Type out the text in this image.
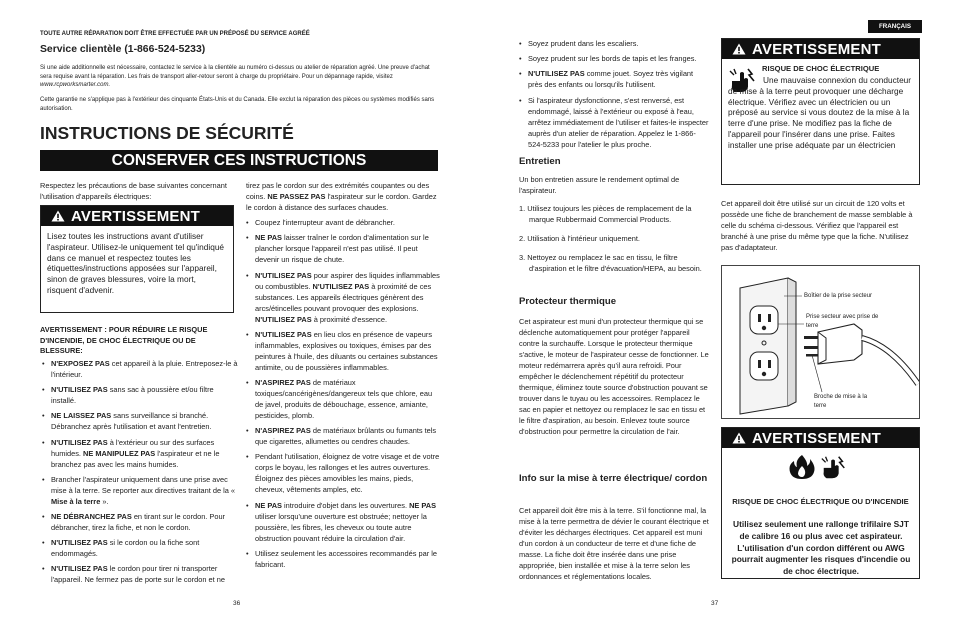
TOUTE AUTRE RÉPARATION DOIT ÊTRE EFFECTUÉE PAR UN PRÉPOSÉ DU SERVICE AGRÉÉ
Service clientèle (1-866-524-5233)
Si une aide additionnelle est nécessaire, contactez le service à la clientèle au numéro ci-dessus ou atelier de réparation agréé. Une preuve d'achat sera requise avant la réparation. Les frais de transport aller-retour seront à charge du propriétaire. Pour un dépannage rapide, visitez www.rcpworksmarter.com.
Cette garantie ne s'applique pas à l'extérieur des cinquante États-Unis et du Canada. Elle exclut la réparation des pièces ou systèmes modifiés sans autorisation.
INSTRUCTIONS DE SÉCURITÉ
CONSERVER CES INSTRUCTIONS
Respectez les précautions de base suivantes concernant l'utilisation d'appareils électriques:
AVERTISSEMENT
Lisez toutes les instructions avant d'utiliser l'aspirateur. Utilisez-le uniquement tel qu'indiqué dans ce manuel et respectez toutes les étiquettes/instructions apposées sur l'appareil, sinon de graves blessures, voire la mort, risquent d'advenir.
AVERTISSEMENT : POUR RÉDUIRE LE RISQUE D'INCENDIE, DE CHOC ÉLECTRIQUE OU DE BLESSURE:
• N'EXPOSEZ PAS cet appareil à la pluie. Entreposez-le à l'intérieur.
• N'UTILISEZ PAS sans sac à poussière et/ou filtre installé.
• NE LAISSEZ PAS sans surveillance si branché. Débranchez après l'utilisation et avant l'entretien.
• N'UTILISEZ PAS à l'extérieur ou sur des surfaces humides. NE MANIPULEZ PAS l'aspirateur et ne le branchez pas avec les mains humides.
• Brancher l'aspirateur uniquement dans une prise avec mise à la terre. Se reporter aux directives traitant de la « Mise à la terre ».
• NE DÉBRANCHEZ PAS en tirant sur le cordon. Pour débrancher, tirez la fiche, et non le cordon.
• N'UTILISEZ PAS si le cordon ou la fiche sont endommagés.
• N'UTILISEZ PAS le cordon pour tirer ni transporter l'appareil. Ne fermez pas de porte sur le cordon et ne
tirez pas le cordon sur des extrémités coupantes ou des coins. NE PASSEZ PAS l'aspirateur sur le cordon. Gardez le cordon à distance des surfaces chaudes.
• Coupez l'interrupteur avant de débrancher.
• NE PAS laisser traîner le cordon d'alimentation sur le plancher lorsque l'appareil n'est pas utilisé. Il peut devenir un risque de chute.
• N'UTILISEZ PAS pour aspirer des liquides inflammables ou combustibles. N'UTILISEZ PAS à proximité de ces substances. Les appareils électriques génèrent des arcs/étincelles pouvant provoquer des explosions. N'UTILISEZ PAS à proximité d'essence.
• N'UTILISEZ PAS en lieu clos en présence de vapeurs inflammables, explosives ou toxiques, émises par des peintures à l'huile, des diluants ou certaines substances antimite, ou de poussières inflammables.
• N'ASPIREZ PAS de matériaux toxiques/cancérigènes/dangereux tels que chlore, eau de javel, produits de débouchage, essence, amiante, pesticides, plomb.
• N'ASPIREZ PAS de matériaux brûlants ou fumants tels que cigarettes, allumettes ou cendres chaudes.
• Pendant l'utilisation, éloignez de votre visage et de votre corps le boyau, les rallonges et les autres ouvertures. Éloignez des pièces amovibles les mains, pieds, cheveux, vêtements amples, etc.
• NE PAS introduire d'objet dans les ouvertures. NE PAS utiliser lorsqu'une ouverture est obstruée; nettoyer la poussière, les fibres, les cheveux ou toute autre obstruction pouvant réduire la circulation d'air.
• Utilisez seulement les accessoires recommandés par le fabricant.
36
FRANÇAIS
• Soyez prudent dans les escaliers.
• Soyez prudent sur les bords de tapis et les franges.
• N'UTILISEZ PAS comme jouet. Soyez très vigilant près des enfants ou lorsqu'ils l'utilisent.
• Si l'aspirateur dysfonctionne, s'est renversé, est endommagé, laissé à l'extérieur ou exposé à l'eau, arrêtez immédiatement de l'utiliser et faites-le inspecter auprès d'un atelier de réparation. Appelez le 1-866-524-5233 pour l'atelier le plus proche.
Entretien
Un bon entretien assure le rendement optimal de l'aspirateur.

1. Utilisez toujours les pièces de remplacement de la marque Rubbermaid Commercial Products.

2. Utilisation à l'intérieur uniquement.

3. Nettoyez ou remplacez le sac en tissu, le filtre d'aspiration et le filtre d'évacuation/HEPA, au besoin.

Protecteur thermique
Cet aspirateur est muni d'un protecteur thermique qui se déclenche automatiquement pour protéger l'appareil contre la surchauffe. Lorsque le protecteur thermique s'active, le moteur de l'aspirateur cesse de fonctionner. Le moteur redémarrera après qu'il aura refroidi. Pour empêcher le déclenchement répétitif du protecteur thermique, éliminez toute source d'obstruction pouvant se trouver dans le tuyau ou les accessoires. Remplacez le sac en papier et nettoyez ou remplacez le sac en tissu et le filtre d'aspiration, au besoin. Enlevez toute source d'obstruction pour permettre la circulation de l'air.
Info sur la mise à terre électrique/ cordon
Cet appareil doit être mis à la terre. S'il fonctionne mal, la mise à la terre permettra de dévier le courant électrique et d'éviter les décharges électriques. Cet appareil est muni d'un cordon à un conducteur de terre et d'une fiche de masse. La fiche doit être insérée dans une prise appropriée, bien installée et mise à la terre selon les ordonnances et réglementations locales.
AVERTISSEMENT
RISQUE DE CHOC ÉLECTRIQUE
Une mauvaise connexion du conducteur de mise à la terre peut provoquer une décharge électrique. Vérifiez avec un électricien ou un préposé au service si vous doutez de la mise à la terre d'une prise. Ne modifiez pas la fiche de l'appareil pour l'insérer dans une prise. Faites installer une prise adéquate par un électricien
Cet appareil doit être utilisé sur un circuit de 120 volts et possède une fiche de branchement de masse semblable à celle du schéma ci-dessous. Vérifiez que l'appareil est branché à une prise du même type que la fiche. N'utilisez pas d'adaptateur.
Boîtier de la prise secteur
Prise secteur avec prise de terre
Broche de mise à la terre
AVERTISSEMENT
RISQUE DE CHOC ÉLECTRIQUE OU D'INCENDIE
Utilisez seulement une rallonge trifilaire SJT de calibre 16 ou plus avec cet aspirateur. L'utilisation d'un cordon différent ou AWG pourrait augmenter les risques d'incendie ou de choc électrique.
37
